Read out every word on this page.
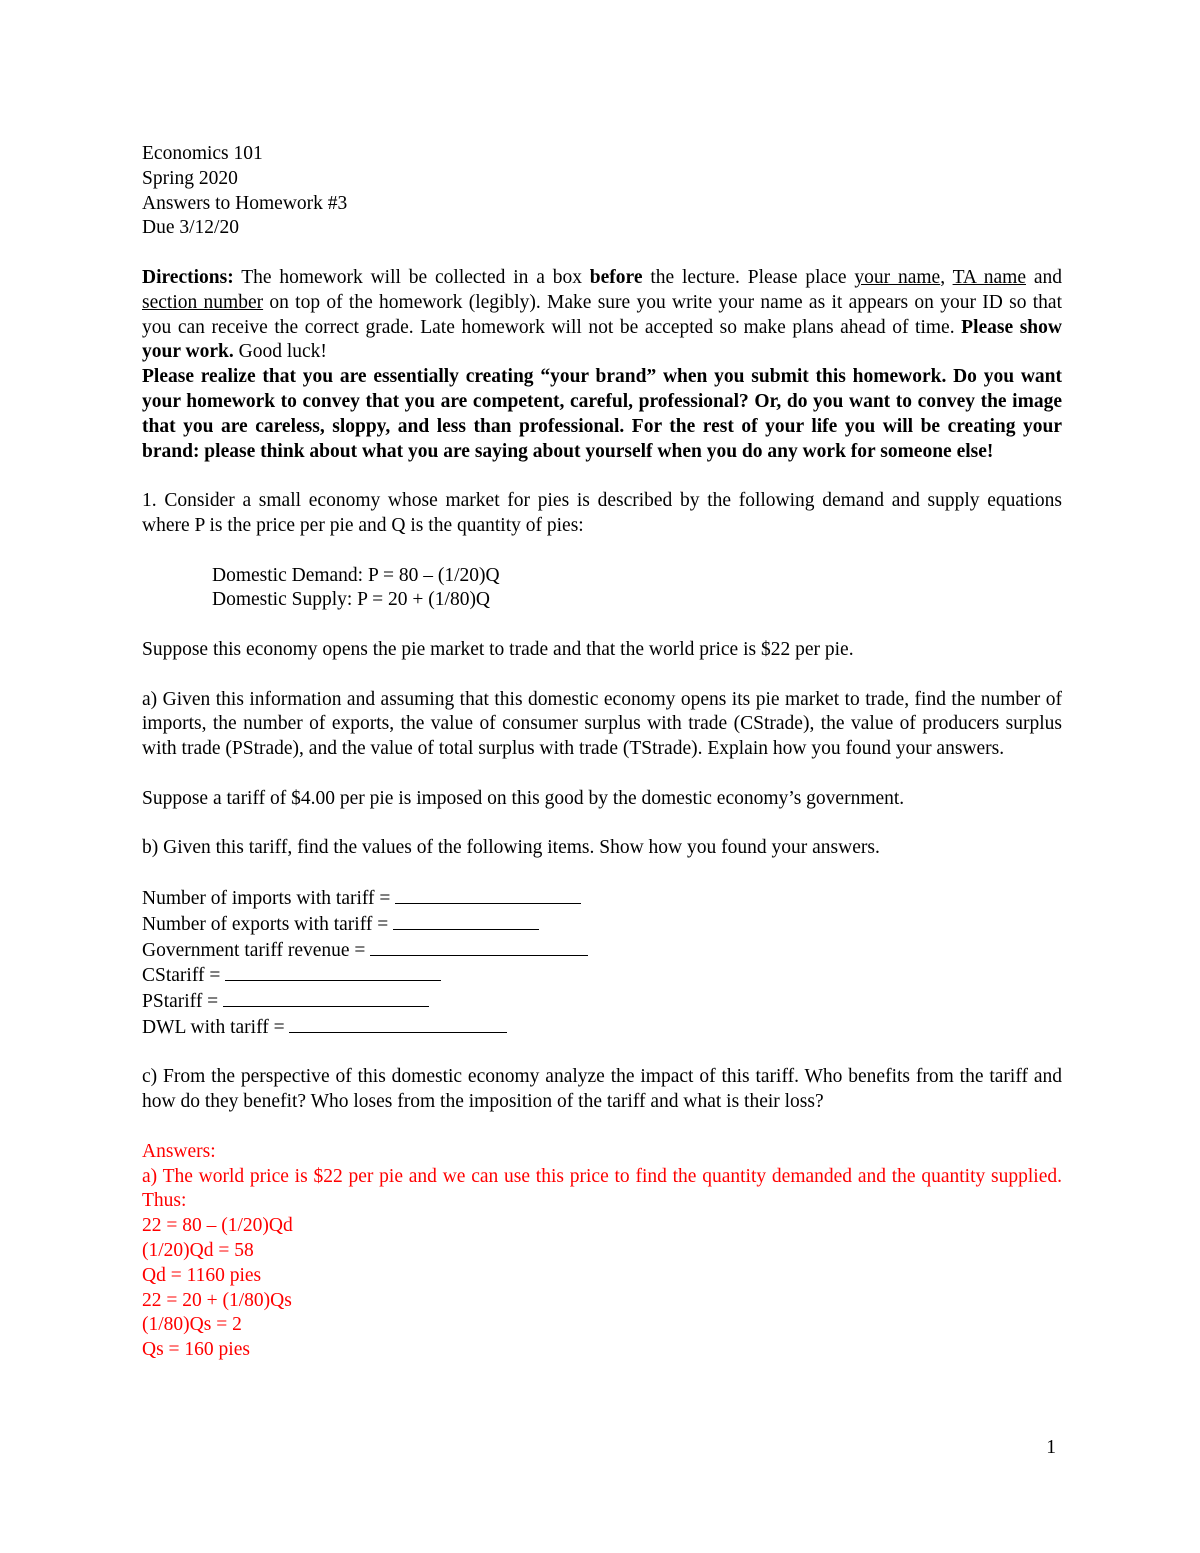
Economics 101

Spring 2020

Answers to Homework #3

Due 3/12/20

Directions: The homework will be collected in a box before the lecture. Please place your name, TA name and section number on top of the homework (legibly). Make sure you write your name as it appears on your ID so that you can receive the correct grade. Late homework will not be accepted so make plans ahead of time. Please show your work. Good luck!

Please realize that you are essentially creating “your brand” when you submit this homework. Do you want your homework to convey that you are competent, careful, professional? Or, do you want to convey the image that you are careless, sloppy, and less than professional. For the rest of your life you will be creating your brand: please think about what you are saying about yourself when you do any work for someone else!

1. Consider a small economy whose market for pies is described by the following demand and supply equations where P is the price per pie and Q is the quantity of pies:

Domestic Demand: P = 80 – (1/20)Q

Domestic Supply: P = 20 + (1/80)Q

Suppose this economy opens the pie market to trade and that the world price is $22 per pie.

a) Given this information and assuming that this domestic economy opens its pie market to trade, find the number of imports, the number of exports, the value of consumer surplus with trade (CStrade), the value of producers surplus with trade (PStrade), and the value of total surplus with trade (TStrade). Explain how you found your answers.

Suppose a tariff of $4.00 per pie is imposed on this good by the domestic economy’s government.

b) Given this tariff, find the values of the following items. Show how you found your answers.

Number of imports with tariff =

Number of exports with tariff =

Government tariff revenue =

CStariff =

PStariff =

DWL with tariff =

c) From the perspective of this domestic economy analyze the impact of this tariff. Who benefits from the tariff and how do they benefit? Who loses from the imposition of the tariff and what is their loss?

Answers:

a) The world price is $22 per pie and we can use this price to find the quantity demanded and the quantity supplied. Thus:

22 = 80 – (1/20)Qd

(1/20)Qd = 58

Qd = 1160 pies

22 = 20 + (1/80)Qs

(1/80)Qs = 2

Qs = 160 pies

1
